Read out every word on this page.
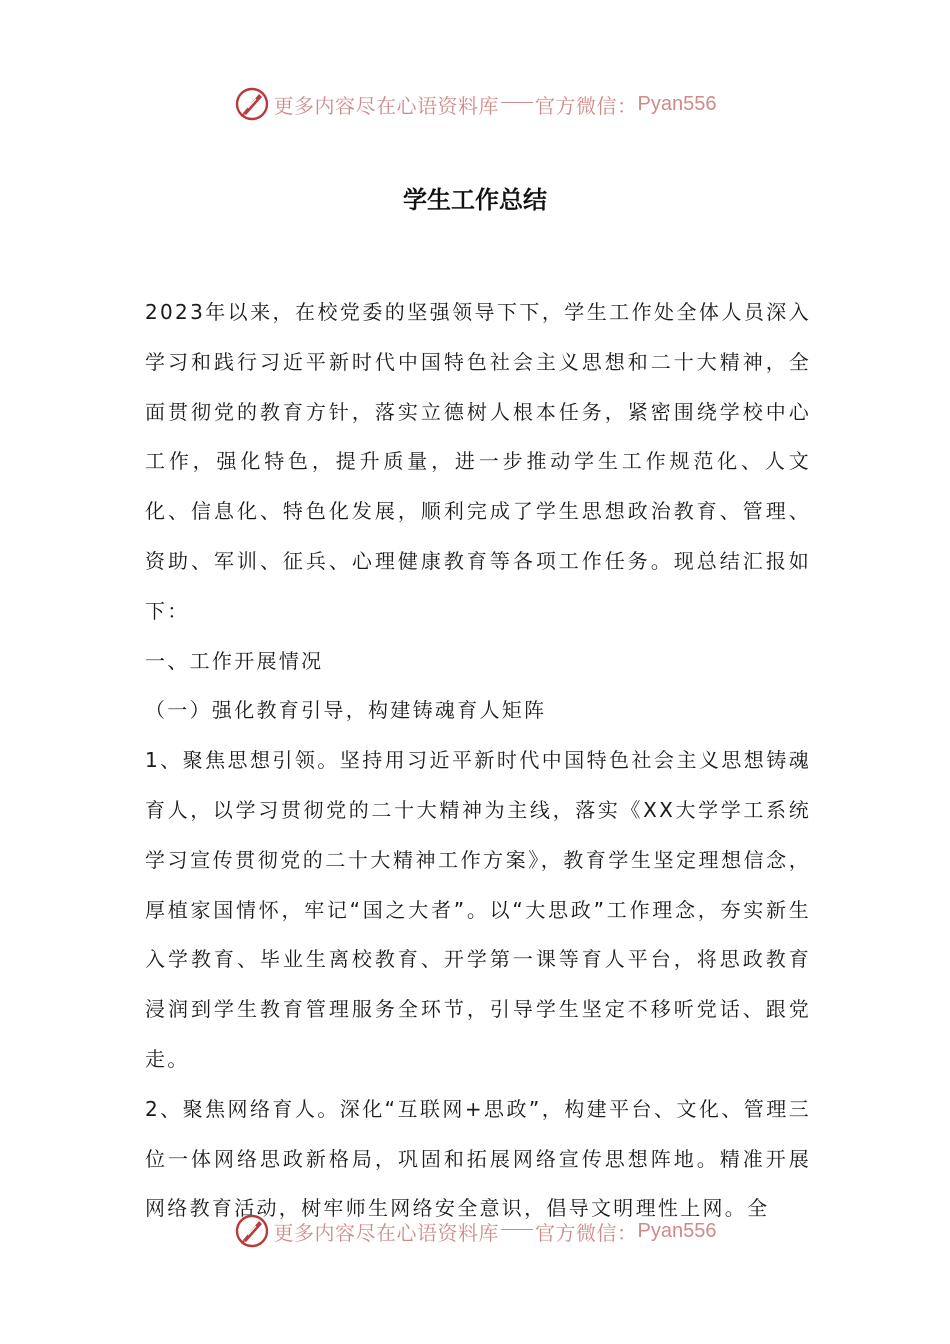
更多内容尽在心语资料库 官方微信： Pyan556
学生工作总结

2023年以来，在校党委的坚强领导下下，学生工作处全体人员深入学习和践行习近平新时代中国特色社会主义思想和二十大精神，全面贯彻党的教育方针，落实立德树人根本任务，紧密围绕学校中心工作，强化特色，提升质量，进一步推动学生工作规范化、人文化、信息化、特色化发展，顺利完成了学生思想政治教育、管理、资助、军训、征兵、心理健康教育等各项工作任务。现总结汇报如下：

一、工作开展情况

（一）强化教育引导，构建铸魂育人矩阵

1、聚焦思想引领。坚持用习近平新时代中国特色社会主义思想铸魂育人，以学习贯彻党的二十大精神为主线，落实《XX大学学工系统学习宣传贯彻党的二十大精神工作方案》，教育学生坚定理想信念，厚植家国情怀，牢记“国之大者”。以“大思政”工作理念，夯实新生入学教育、毕业生离校教育、开学第一课等育人平台，将思政教育浸润到学生教育管理服务全环节，引导学生坚定不移听党话、跟党走。

2、聚焦网络育人。深化“互联网+思政”，构建平台、文化、管理三位一体网络思政新格局，巩固和拓展网络宣传思想阵地。精准开展网络教育活动，树牢师生网络安全意识，倡导文明理性上网。全

更多内容尽在心语资料库 官方微信： Pyan556
